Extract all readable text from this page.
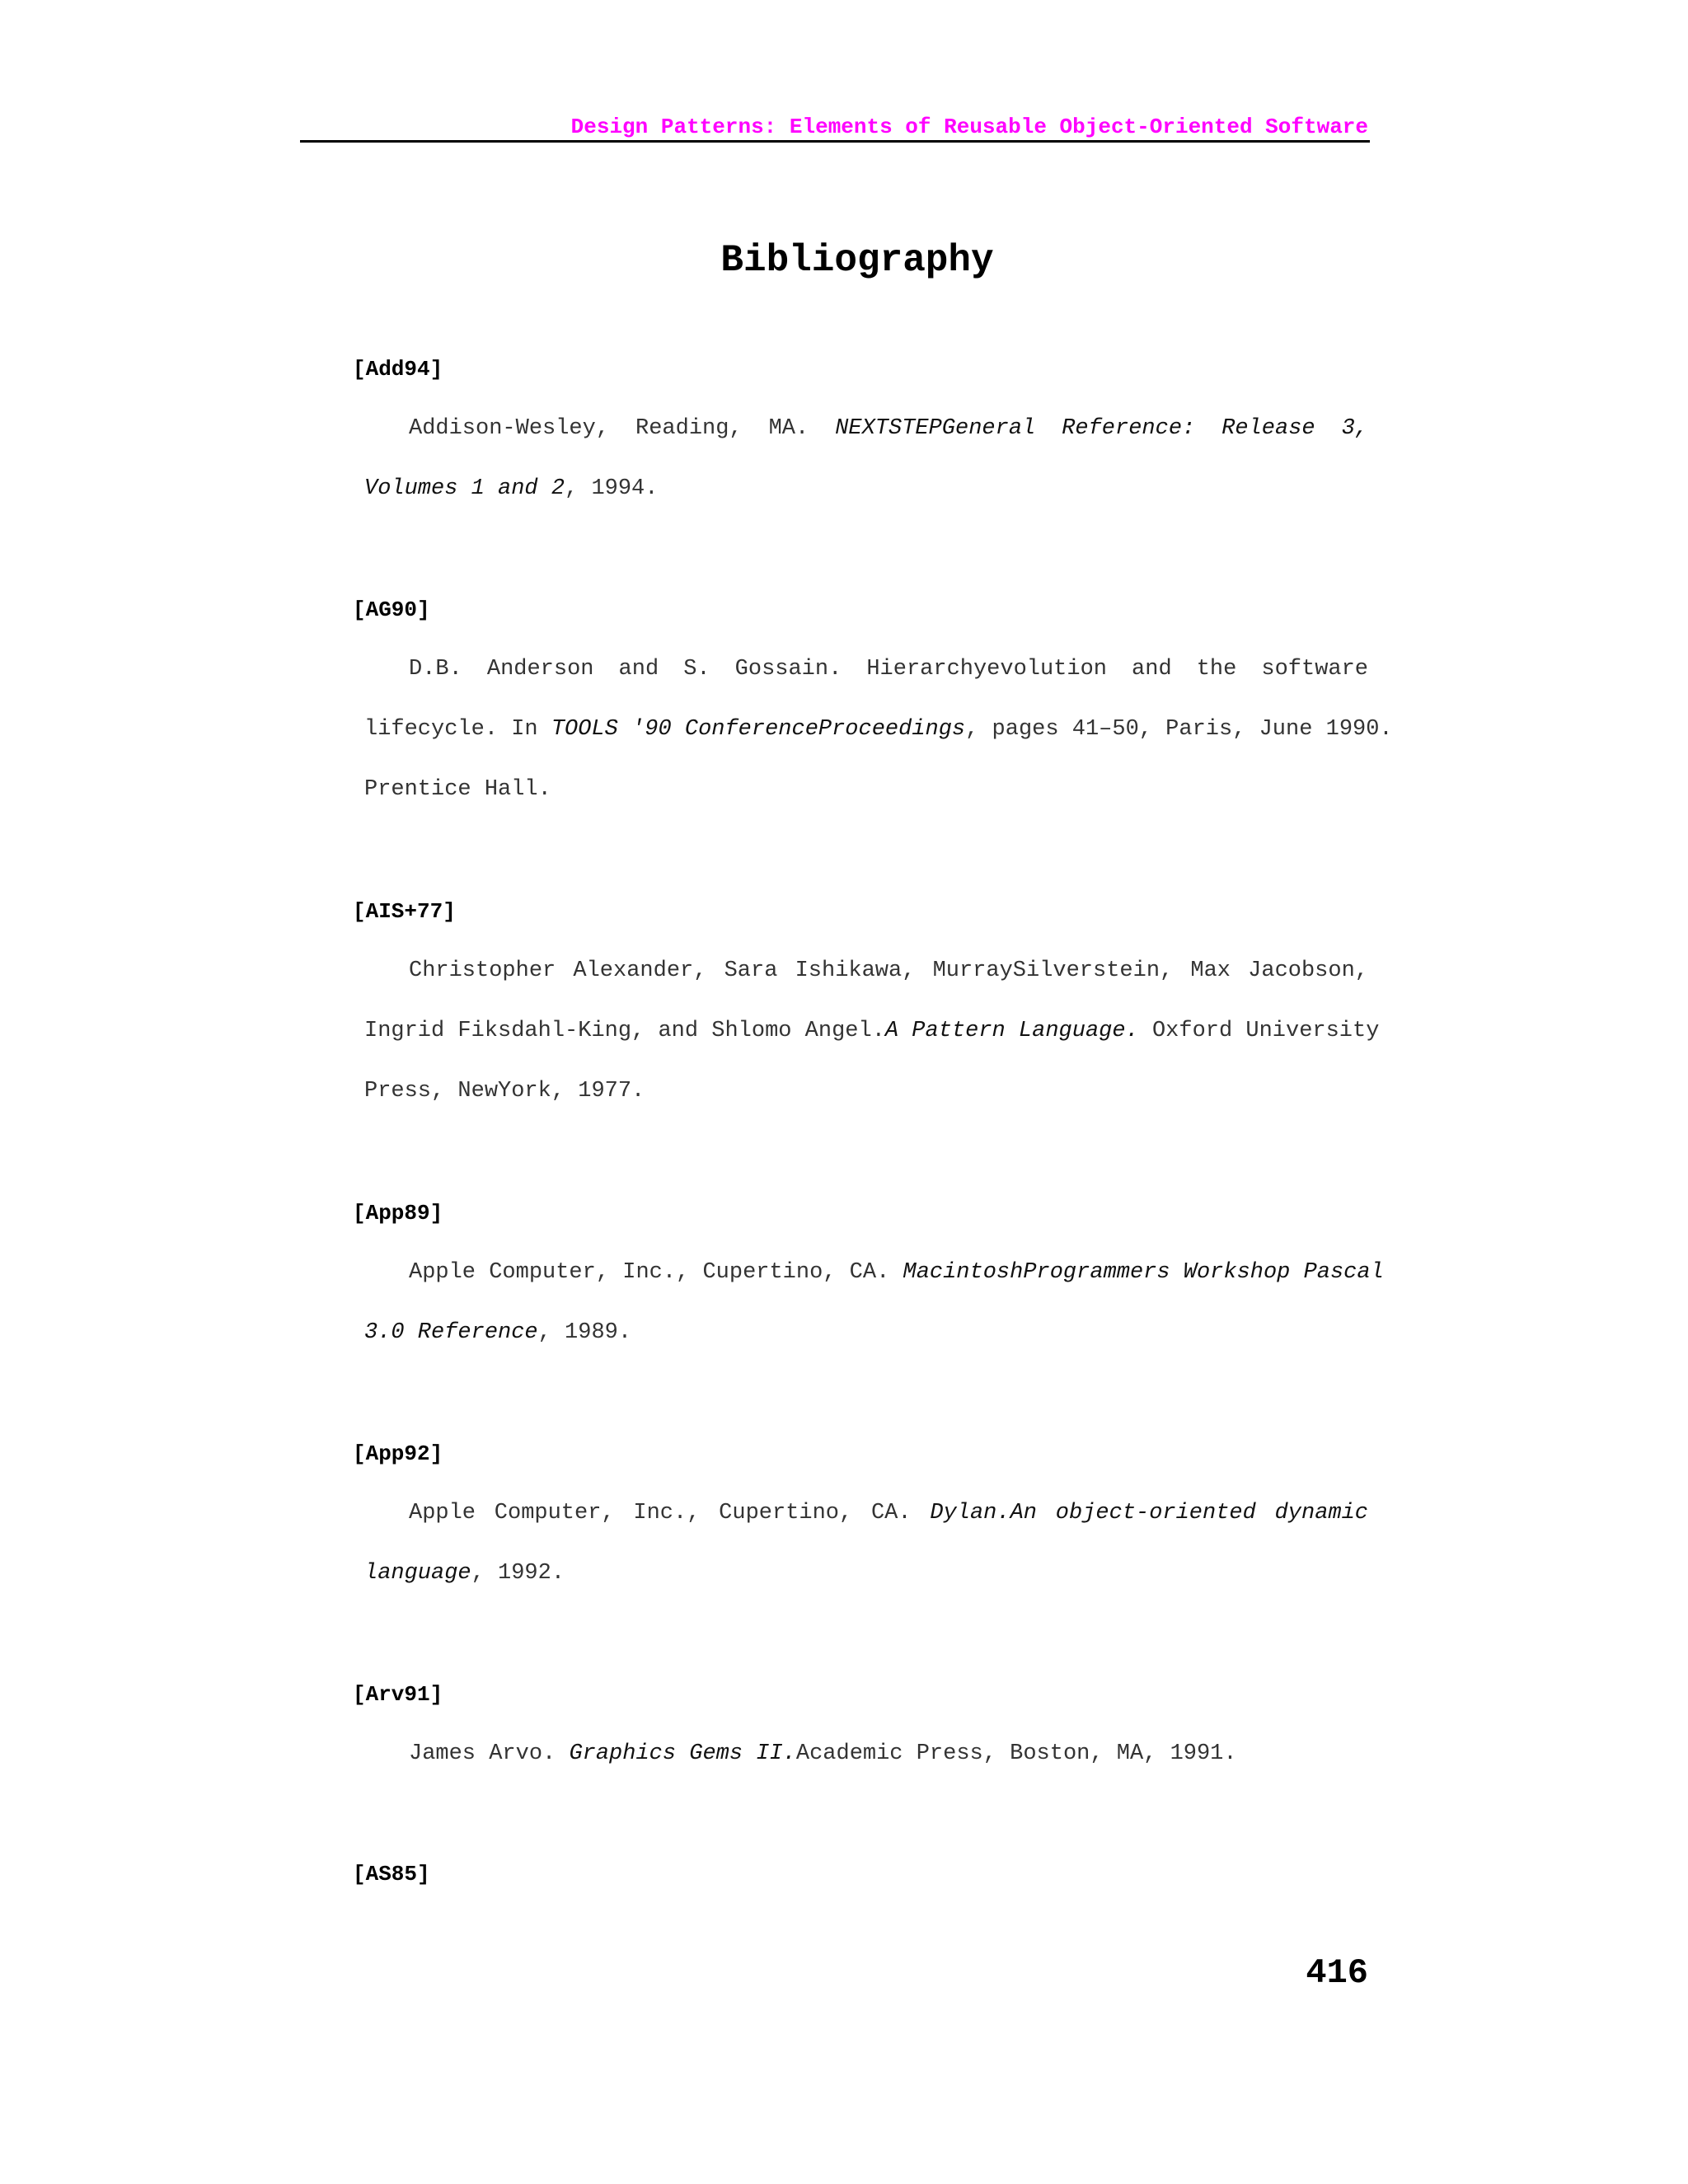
Design Patterns: Elements of Reusable Object-Oriented Software
Bibliography
[Add94]
Addison-Wesley, Reading, MA. NEXTSTEPGeneral Reference: Release 3,
Volumes 1 and 2, 1994.
[AG90]
D.B. Anderson and S. Gossain. Hierarchyevolution and the software
lifecycle. In TOOLS '90 ConferenceProceedings, pages 41–50, Paris, June 1990.
Prentice Hall.
[AIS+77]
Christopher Alexander, Sara Ishikawa, MurraySilverstein, Max Jacobson,
Ingrid Fiksdahl-King, and Shlomo Angel.A Pattern Language. Oxford University
Press, NewYork, 1977.
[App89]
Apple Computer, Inc., Cupertino, CA. MacintoshProgrammers Workshop Pascal
3.0 Reference, 1989.
[App92]
Apple Computer, Inc., Cupertino, CA. Dylan.An object-oriented dynamic
language, 1992.
[Arv91]
James Arvo. Graphics Gems II.Academic Press, Boston, MA, 1991.
[AS85]
416
